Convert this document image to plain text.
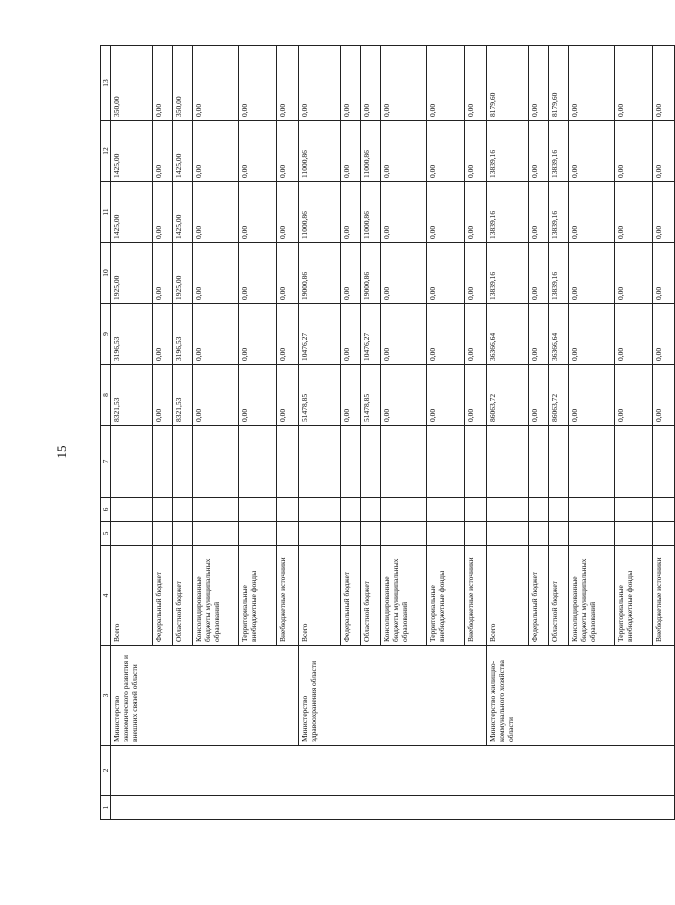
15
1	2	3	4	5	6	7	8	9	10	11	12	13
		Министерство экономического развития и внешних связей области	Всего				8321,53	3196,53	1925,00	1425,00	1425,00	350,00
			Федеральный бюджет				0,00	0,00	0,00	0,00	0,00	0,00
			Областной бюджет				8321,53	3196,53	1925,00	1425,00	1425,00	350,00
			Консолидированные бюджеты муниципальных образований				0,00	0,00	0,00	0,00	0,00	0,00
			Территориальные внебюджетные фонды				0,00	0,00	0,00	0,00	0,00	0,00
			Внебюджетные источники				0,00	0,00	0,00	0,00	0,00	0,00
		Министерство здравоохранения области	Всего				51478,85	10476,27	19000,86	11000,86	11000,86	0,00
			Федеральный бюджет				0,00	0,00	0,00	0,00	0,00	0,00
			Областной бюджет				51478,85	10476,27	19000,86	11000,86	11000,86	0,00
			Консолидированные бюджеты муниципальных образований				0,00	0,00	0,00	0,00	0,00	0,00
			Территориальные внебюджетные фонды				0,00	0,00	0,00	0,00	0,00	0,00
			Внебюджетные источники				0,00	0,00	0,00	0,00	0,00	0,00
		Министерство жилищно-коммунального хозяйства области	Всего				86063,72	36366,64	13839,16	13839,16	13839,16	8179,60
			Федеральный бюджет				0,00	0,00	0,00	0,00	0,00	0,00
			Областной бюджет				86063,72	36366,64	13839,16	13839,16	13839,16	8179,60
			Консолидированные бюджеты муниципальных образований				0,00	0,00	0,00	0,00	0,00	0,00
			Территориальные внебюджетные фонды				0,00	0,00	0,00	0,00	0,00	0,00
			Внебюджетные источники				0,00	0,00	0,00	0,00	0,00	0,00
